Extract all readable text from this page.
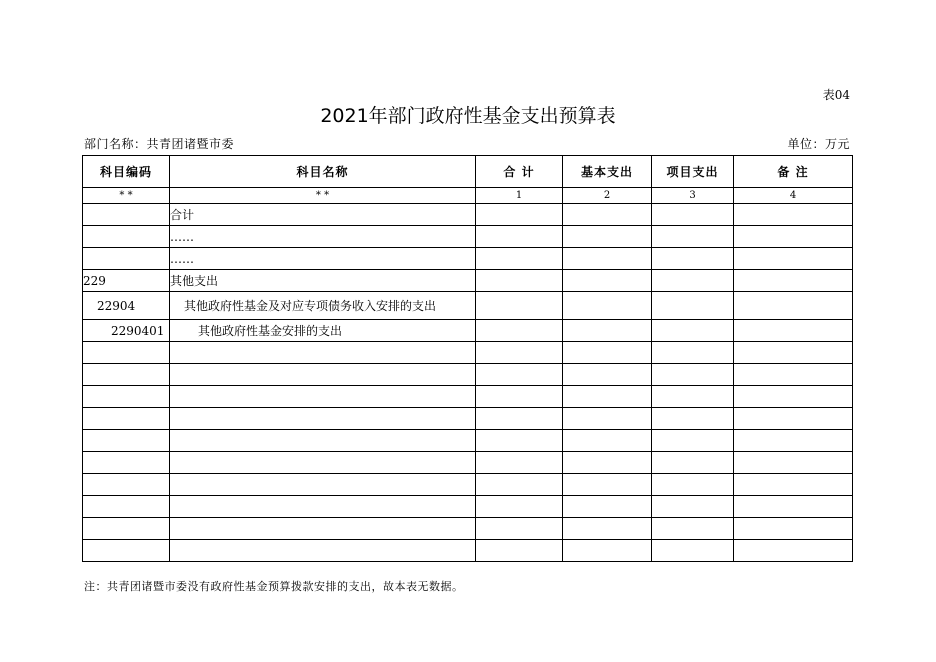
表04
2021年部门政府性基金支出预算表
部门名称：共青团诸暨市委	单位：万元
科目编码	科目名称	合 计	基本支出	项目支出	备 注
* *	* *	1	2	3	4
	合计				
	……				
	……				
229	其他支出				
22904	其他政府性基金及对应专项债务收入安排的支出				
2290401	其他政府性基金安排的支出				

注：共青团诸暨市委没有政府性基金预算拨款安排的支出，故本表无数据。
